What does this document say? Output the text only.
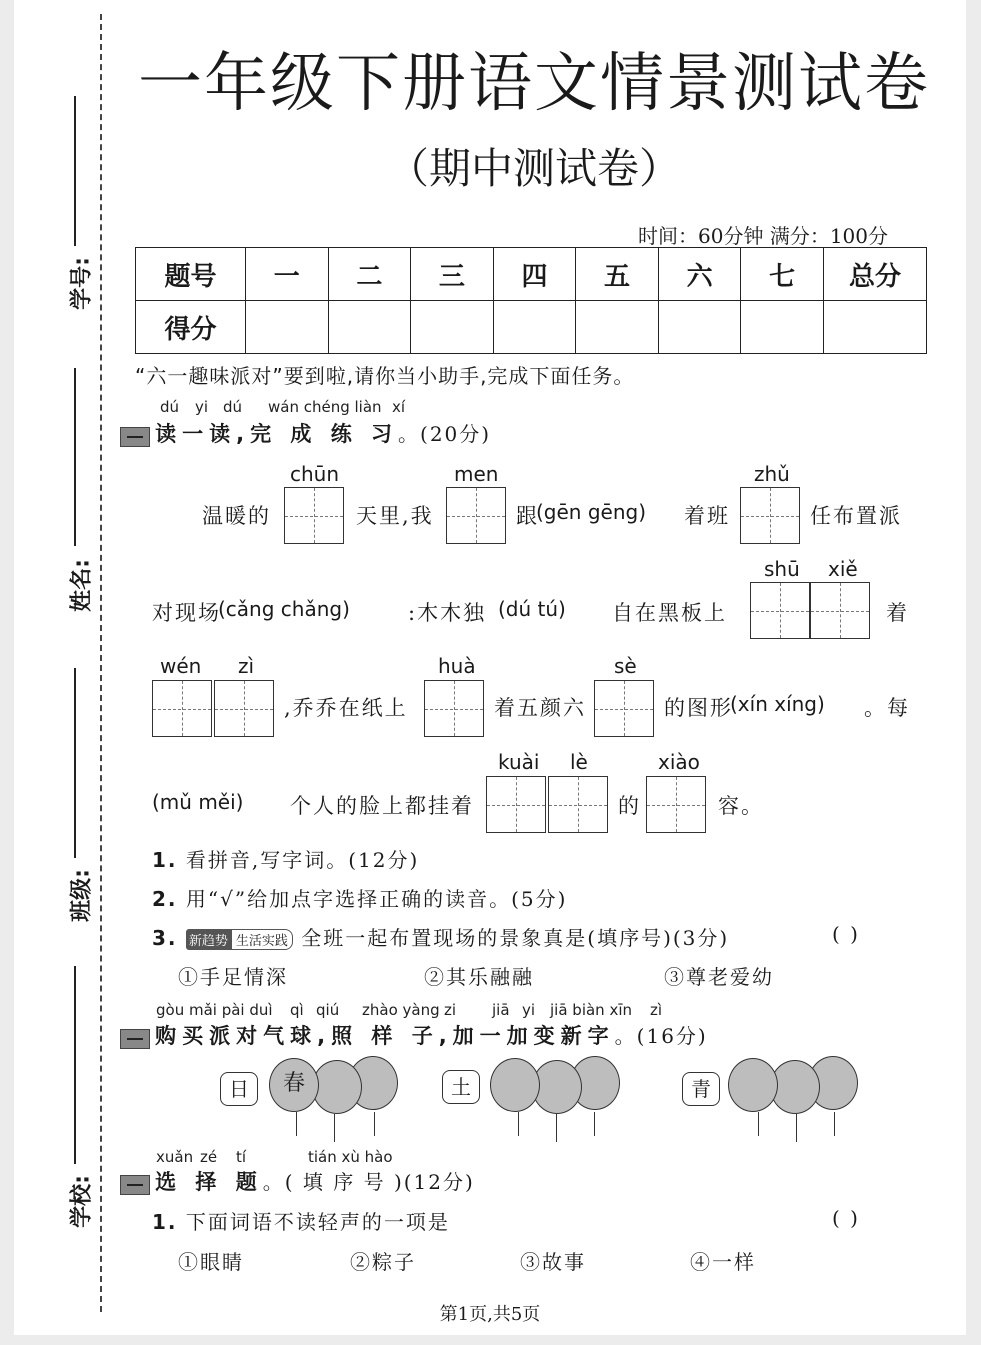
学号:
姓名:
班级:
学校:
一年级下册语文情景测试卷
（期中测试卷）
时间：60分钟 满分：100分
题号	一	二	三	四	五	六	七	总分
得分								
“六一趣味派对”要到啦,请你当小助手,完成下面任务。
dú yi dú wán chéng liàn xí
读一读,完 成 练 习。(20分)
chūn	men	zhǔ
温暖的	天里,我	跟
(gēn gēng) 着班	任布置派
shū xiě
对现场
(cǎng chǎng)	:木木独 (dú tú) 自在黑板上	着
wén zì	huà	sè
,乔乔在纸上	着五颜六	的图形
(xín xíng) 。每
kuài lè	xiào
(mǔ měi) 个人的脸上都挂着	的	容。
1. 看拼音,写字词。(12分)
2. 用“√”给加点字选择正确的读音。(5分)
3. 新趋势 生活实践 全班一起布置现场的景象真是(填序号)(3分)	( )
①手足情深	②其乐融融	③尊老爱幼
gòu mǎi pài duì qì qiú zhào yàng zi jiā yi jiā biàn xīn zì
购买派对气球,照 样 子,加一加变新字。(16分)
日	春	土	青
xuǎn zé tí	tián xù hào
选 择 题。( 填 序 号 )(12分)
1. 下面词语不读轻声的一项是	( )
①眼睛	②粽子	③故事	④一样
第1页,共5页
